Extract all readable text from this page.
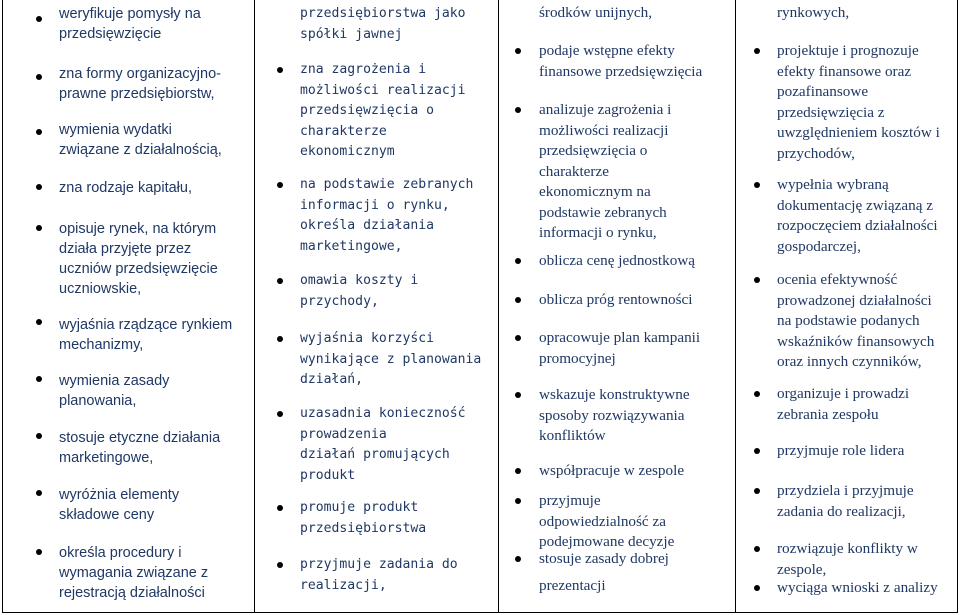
weryfikuje pomysły na
przedsięwzięcie
zna formy organizacyjno-
prawne przedsiębiorstw,
wymienia wydatki
związane z działalnością,
zna rodzaje kapitału,
opisuje rynek, na którym
działa przyjęte przez
uczniów przedsięwzięcie
uczniowskie,
wyjaśnia rządzące rynkiem
mechanizmy,
wymienia zasady
planowania,
stosuje etyczne działania
marketingowe,
wyróżnia elementy
składowe ceny
określa procedury i
wymagania związane z
rejestracją działalności
przedsiębiorstwa jako
spółki jawnej
zna zagrożenia i
możliwości realizacji
przedsięwzięcia o
charakterze
ekonomicznym
na podstawie zebranych
informacji o rynku,
określa działania
marketingowe,
omawia koszty i
przychody,
wyjaśnia korzyści
wynikające z planowania
działań,
uzasadnia konieczność
prowadzenia
działań promujących
produkt
promuje produkt
przedsiębiorstwa
przyjmuje zadania do
realizacji,
środków unijnych,
podaje wstępne efekty
finansowe przedsięwzięcia
analizuje zagrożenia i
możliwości realizacji
przedsięwzięcia o
charakterze
ekonomicznym na
podstawie zebranych
informacji o rynku,
oblicza cenę jednostkową
oblicza próg rentowności
opracowuje plan kampanii
promocyjnej
wskazuje konstruktywne
sposoby rozwiązywania
konfliktów
współpracuje w zespole
przyjmuje
odpowiedzialność za
podejmowane decyzje
stosuje zasady dobrej
prezentacji
rynkowych,
projektuje i prognozuje
efekty finansowe oraz
pozafinansowe
przedsięwzięcia z
uwzględnieniem kosztów i
przychodów,
wypełnia wybraną
dokumentację związaną z
rozpoczęciem działalności
gospodarczej,
ocenia efektywność
prowadzonej działalności
na podstawie podanych
wskaźników finansowych
oraz innych czynników,
organizuje i prowadzi
zebrania zespołu
przyjmuje role lidera
przydziela i przyjmuje
zadania do realizacji,
rozwiązuje konflikty w
zespole,
wyciąga wnioski z analizy
